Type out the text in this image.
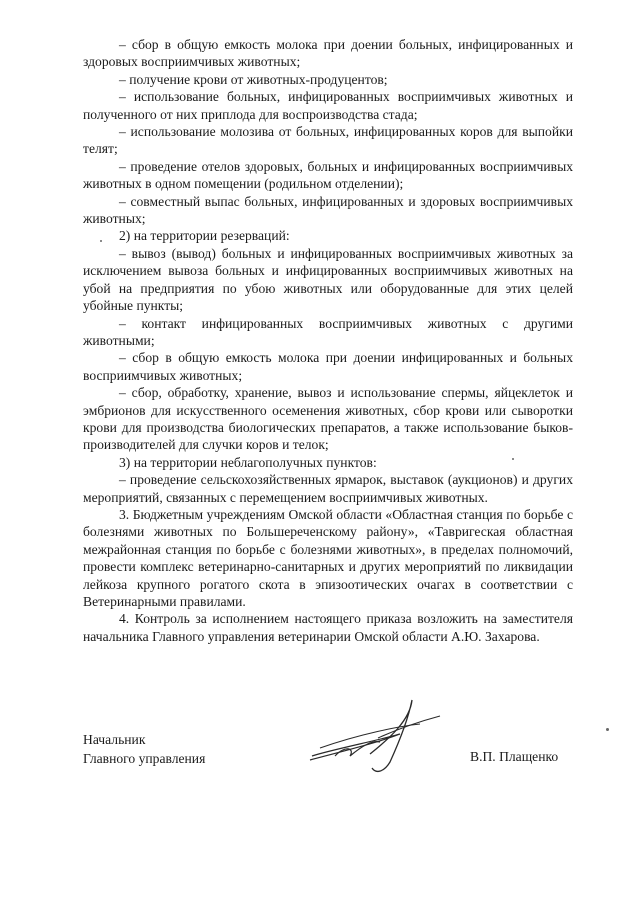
– сбор в общую емкость молока при доении больных, инфицированных и здоровых восприимчивых животных;

– получение крови от животных-продуцентов;

– использование больных, инфицированных восприимчивых животных и полученного от них приплода для воспроизводства стада;

– использование молозива от больных, инфицированных коров для выпойки телят;

– проведение отелов здоровых, больных и инфицированных восприимчивых животных в одном помещении (родильном отделении);

– совместный выпас больных, инфицированных и здоровых восприимчивых животных;

2) на территории резерваций:

– вывоз (вывод) больных и инфицированных восприимчивых животных за исключением вывоза больных и инфицированных восприимчивых животных на убой на предприятия по убою животных или оборудованные для этих целей убойные пункты;

– контакт инфицированных восприимчивых животных с другими животными;

– сбор в общую емкость молока при доении инфицированных и больных восприимчивых животных;

– сбор, обработку, хранение, вывоз и использование спермы, яйцеклеток и эмбрионов для искусственного осеменения животных, сбор крови или сыворотки крови для производства биологических препаратов, а также использование быков-производителей для случки коров и телок;

3) на территории неблагополучных пунктов:

– проведение сельскохозяйственных ярмарок, выставок (аукционов) и других мероприятий, связанных с перемещением восприимчивых животных.

3. Бюджетным учреждениям Омской области «Областная станция по борьбе с болезнями животных по Большереченскому району», «Тавригеская областная межрайонная станция по борьбе с болезнями животных», в пределах полномочий, провести комплекс ветеринарно-санитарных и других мероприятий по ликвидации лейкоза крупного рогатого скота в эпизоотических очагах в соответствии с Ветеринарными правилами.

4. Контроль за исполнением настоящего приказа возложить на заместителя начальника Главного управления ветеринарии Омской области А.Ю. Захарова.

Начальник
Главного управления	В.П. Плащенко
